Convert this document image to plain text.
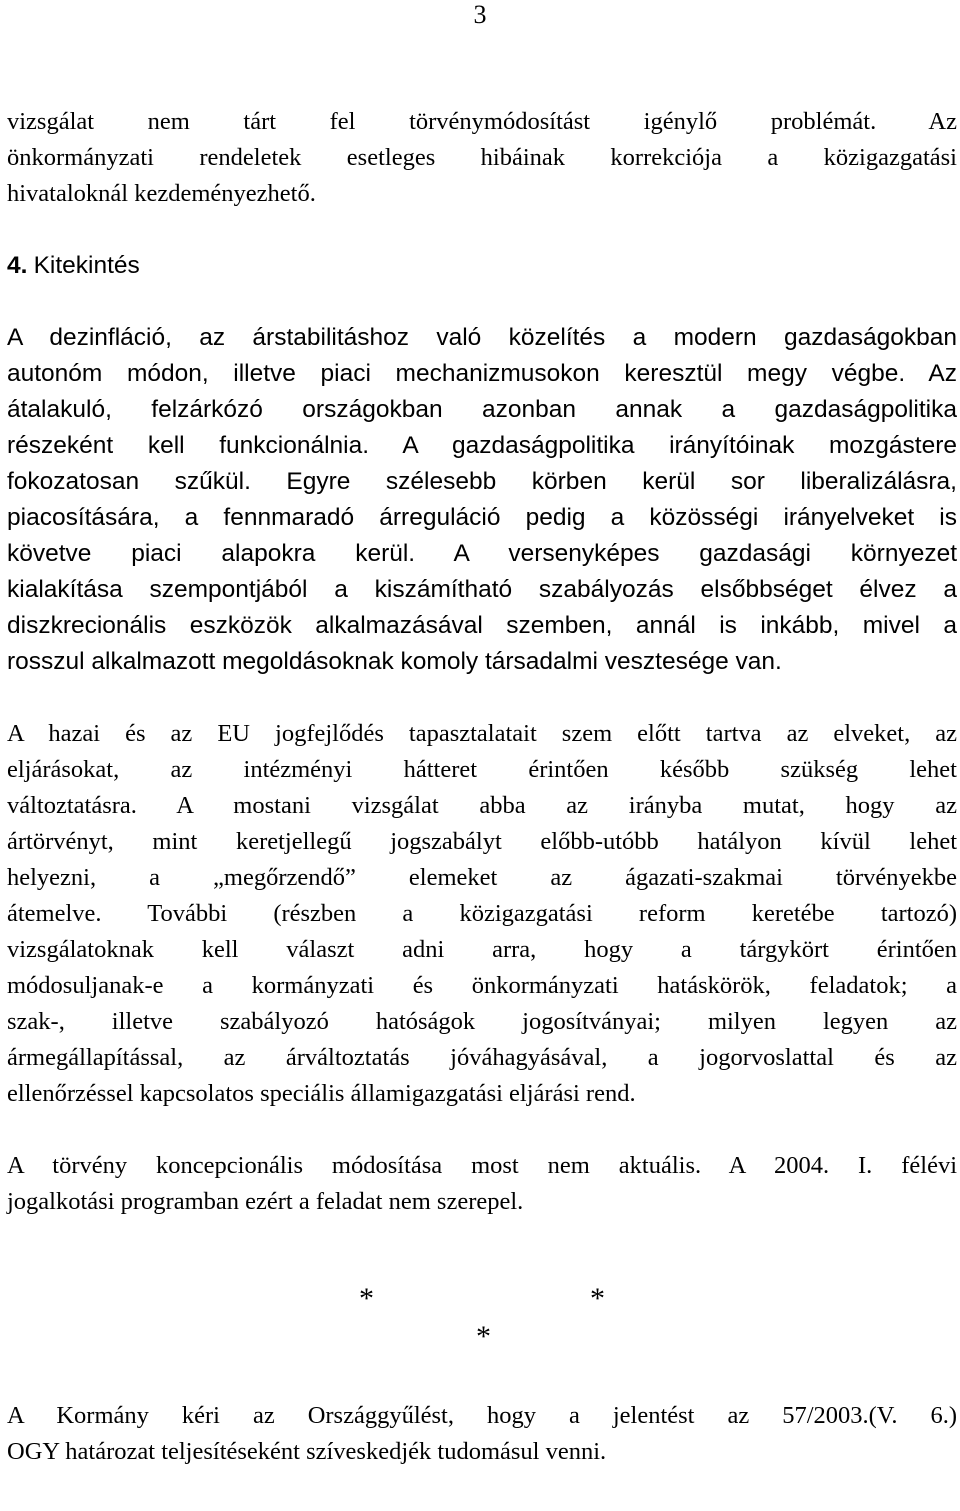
3
vizsgálat nem tárt fel törvénymódosítást igénylő problémát. Az
önkormányzati rendeletek esetleges hibáinak korrekciója a közigazgatási
hivataloknál kezdeményezhető.
4. Kitekintés
A dezinfláció, az árstabilitáshoz való közelítés a modern gazdaságokban
autonóm módon, illetve piaci mechanizmusokon keresztül megy végbe. Az
átalakuló, felzárkózó országokban azonban annak a gazdaságpolitika
részeként kell funkcionálnia. A gazdaságpolitika irányítóinak mozgástere
fokozatosan szűkül. Egyre szélesebb körben kerül sor liberalizálásra,
piacosítására, a fennmaradó árreguláció pedig a közösségi irányelveket is
követve piaci alapokra kerül. A versenyképes gazdasági környezet
kialakítása szempontjából a kiszámítható szabályozás elsőbbséget élvez a
diszkrecionális eszközök alkalmazásával szemben, annál is inkább, mivel a
rosszul alkalmazott megoldásoknak komoly társadalmi vesztesége van.
A hazai és az EU jogfejlődés tapasztalatait szem előtt tartva az elveket, az
eljárásokat, az intézményi hátteret érintően később szükség lehet
változtatásra. A mostani vizsgálat abba az irányba mutat, hogy az
ártörvényt, mint keretjellegű jogszabályt előbb-utóbb hatályon kívül lehet
helyezni, a „megőrzendő” elemeket az ágazati-szakmai törvényekbe
átemelve. További (részben a közigazgatási reform keretébe tartozó)
vizsgálatoknak kell választ adni arra, hogy a tárgykört érintően
módosuljanak-e a kormányzati és önkormányzati hatáskörök, feladatok; a
szak-, illetve szabályozó hatóságok jogosítványai; milyen legyen az
ármegállapítással, az árváltoztatás jóváhagyásával, a jogorvoslattal és az
ellenőrzéssel kapcsolatos speciális államigazgatási eljárási rend.
A törvény koncepcionális módosítása most nem aktuális. A 2004. I. félévi
jogalkotási programban ezért a feladat nem szerepel.
*	*
*
A Kormány kéri az Országgyűlést, hogy a jelentést az 57/2003.(V. 6.)
OGY határozat teljesítéseként szíveskedjék tudomásul venni.
